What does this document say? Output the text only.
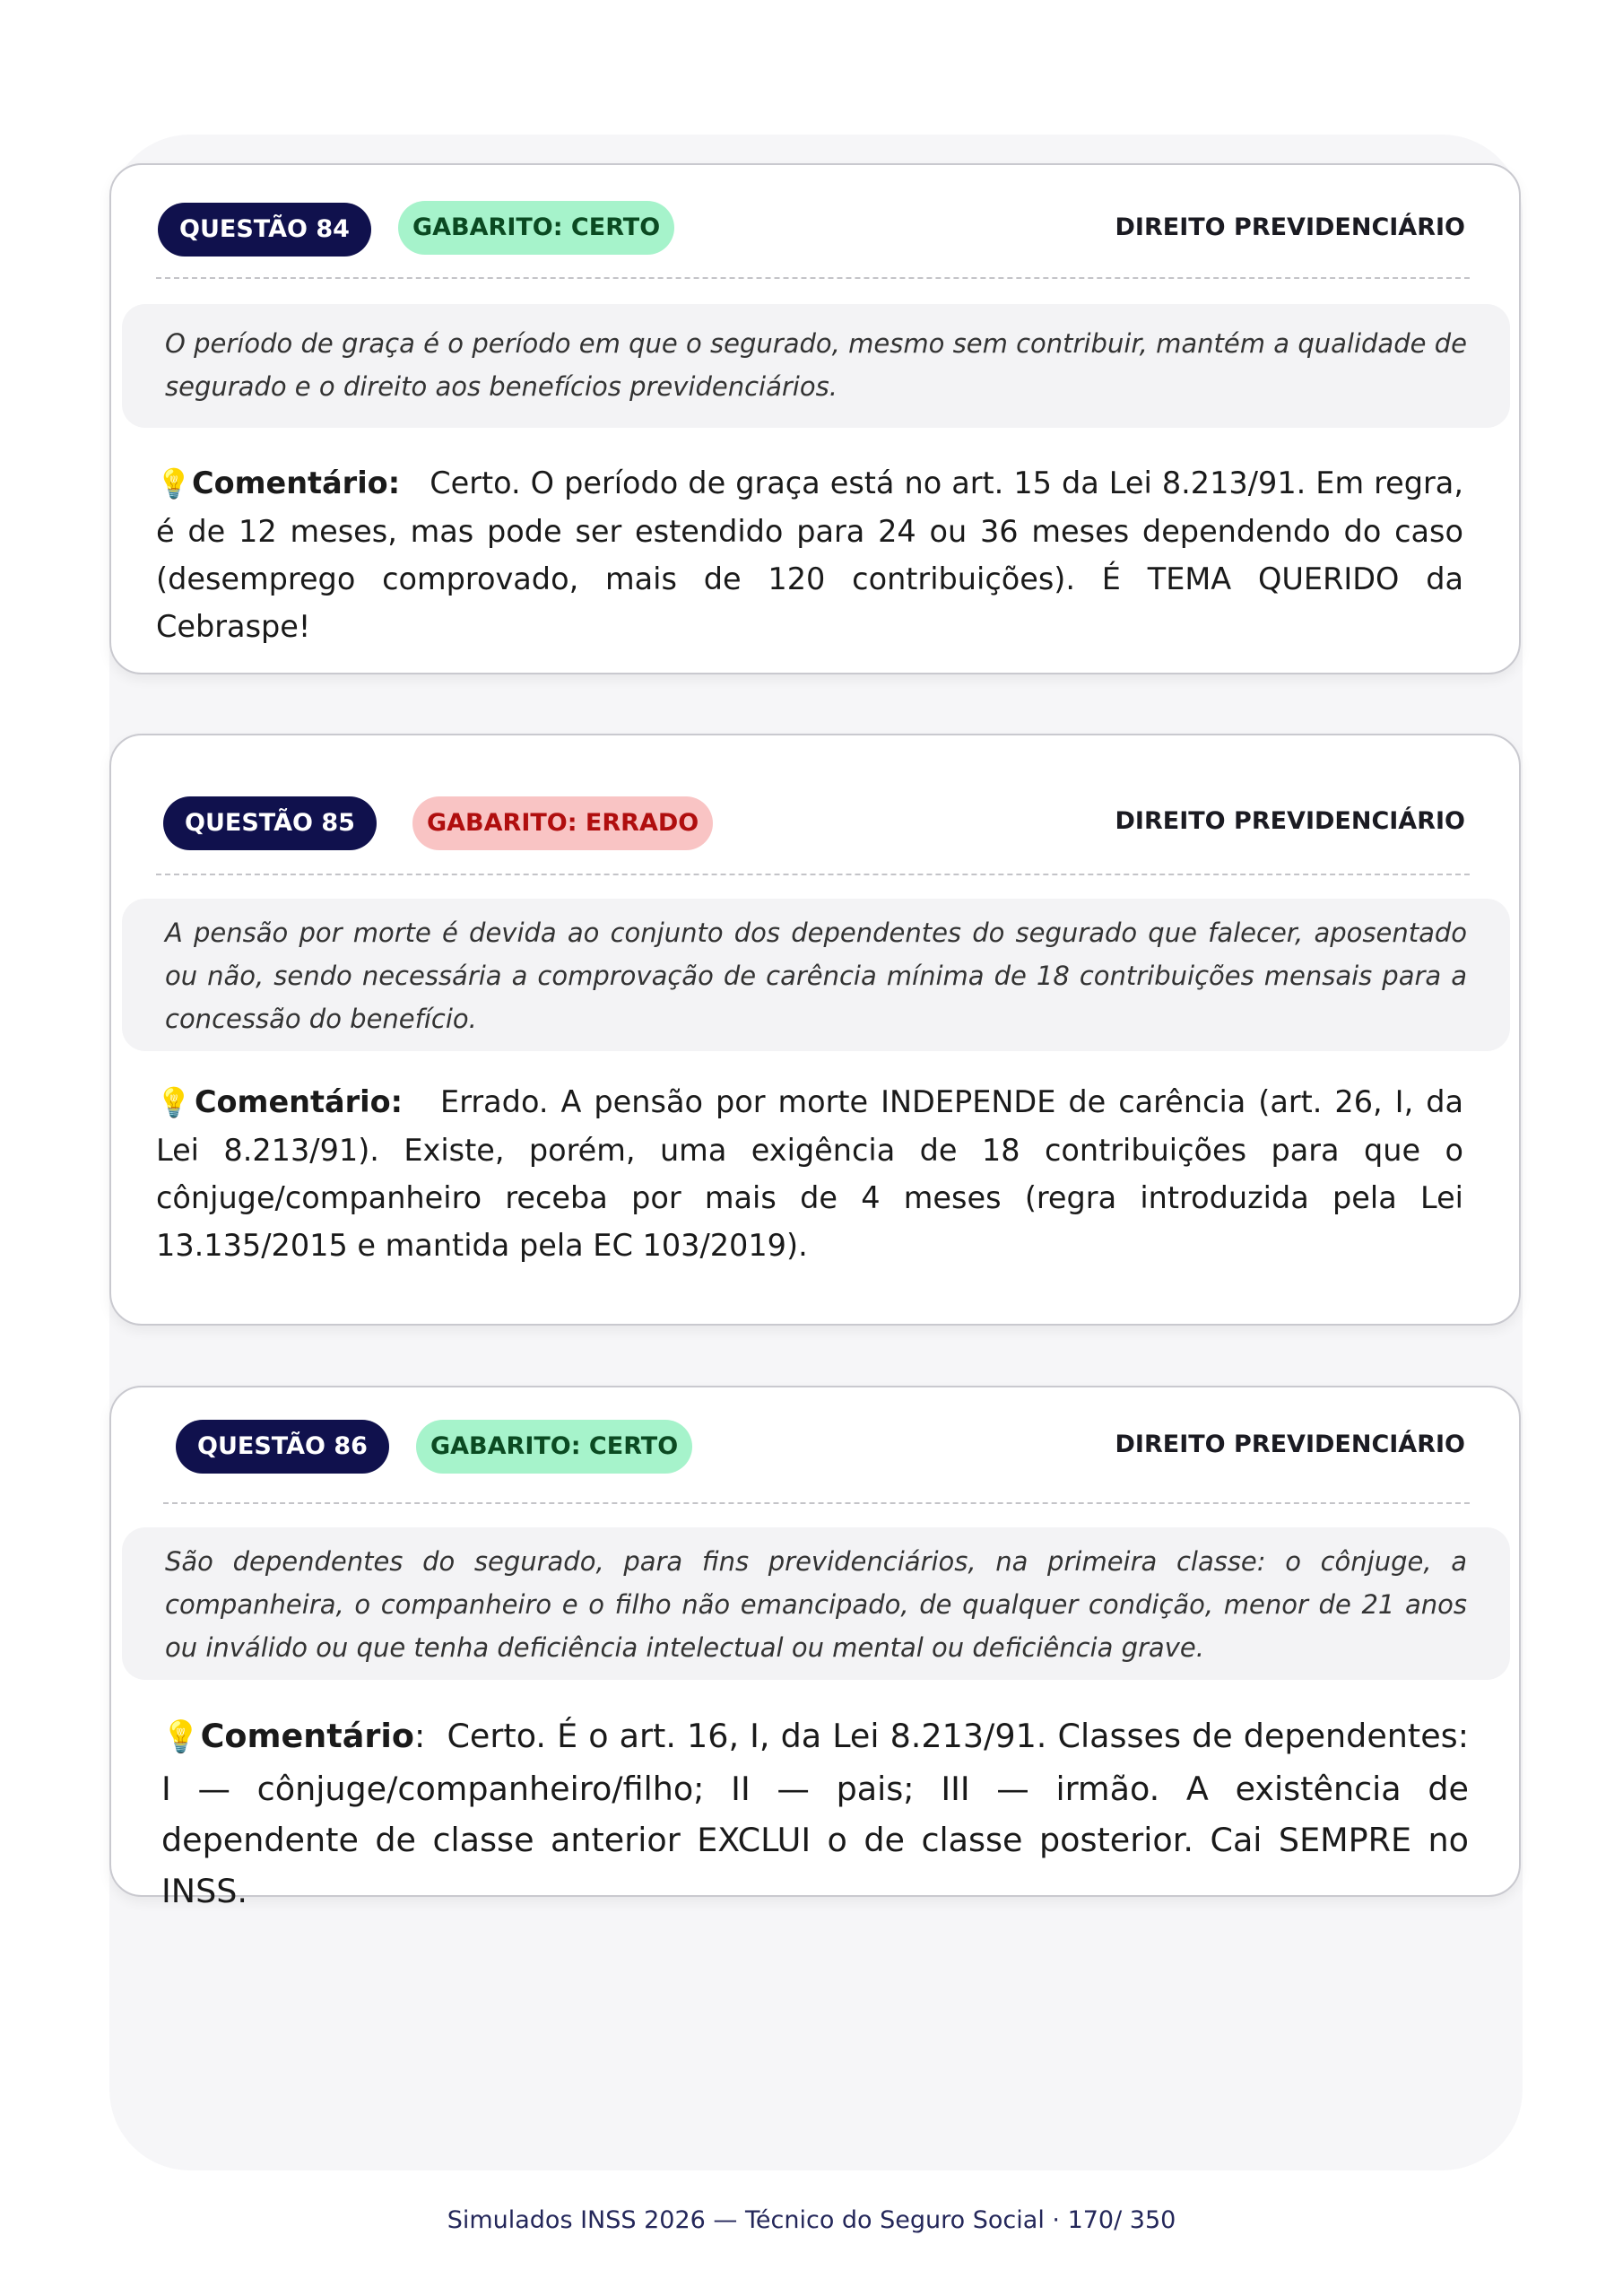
QUESTÃO 84	GABARITO: CERTO	DIREITO PREVIDENCIÁRIO
O período de graça é o período em que o segurado, mesmo sem contribuir, mantém a qualidade de segurado e o direito aos benefícios previdenciários.
💡Comentário: Certo. O período de graça está no art. 15 da Lei 8.213/91. Em regra, é de 12 meses, mas pode ser estendido para 24 ou 36 meses dependendo do caso (desemprego comprovado, mais de 120 contribuições). É TEMA QUERIDO da Cebraspe!
QUESTÃO 85	GABARITO: ERRADO	DIREITO PREVIDENCIÁRIO
A pensão por morte é devida ao conjunto dos dependentes do segurado que falecer, aposentado ou não, sendo necessária a comprovação de carência mínima de 18 contribuições mensais para a concessão do benefício.
💡Comentário: Errado. A pensão por morte INDEPENDE de carência (art. 26, I, da Lei 8.213/91). Existe, porém, uma exigência de 18 contribuições para que o cônjuge/companheiro receba por mais de 4 meses (regra introduzida pela Lei 13.135/2015 e mantida pela EC 103/2019).
QUESTÃO 86	GABARITO: CERTO	DIREITO PREVIDENCIÁRIO
São dependentes do segurado, para fins previdenciários, na primeira classe: o cônjuge, a companheira, o companheiro e o filho não emancipado, de qualquer condição, menor de 21 anos ou inválido ou que tenha deficiência intelectual ou mental ou deficiência grave.
💡Comentário: Certo. É o art. 16, I, da Lei 8.213/91. Classes de dependentes: I — cônjuge/companheiro/filho; II — pais; III — irmão. A existência de dependente de classe anterior EXCLUI o de classe posterior. Cai SEMPRE no INSS.
Simulados INSS 2026 — Técnico do Seguro Social · 170/ 350
